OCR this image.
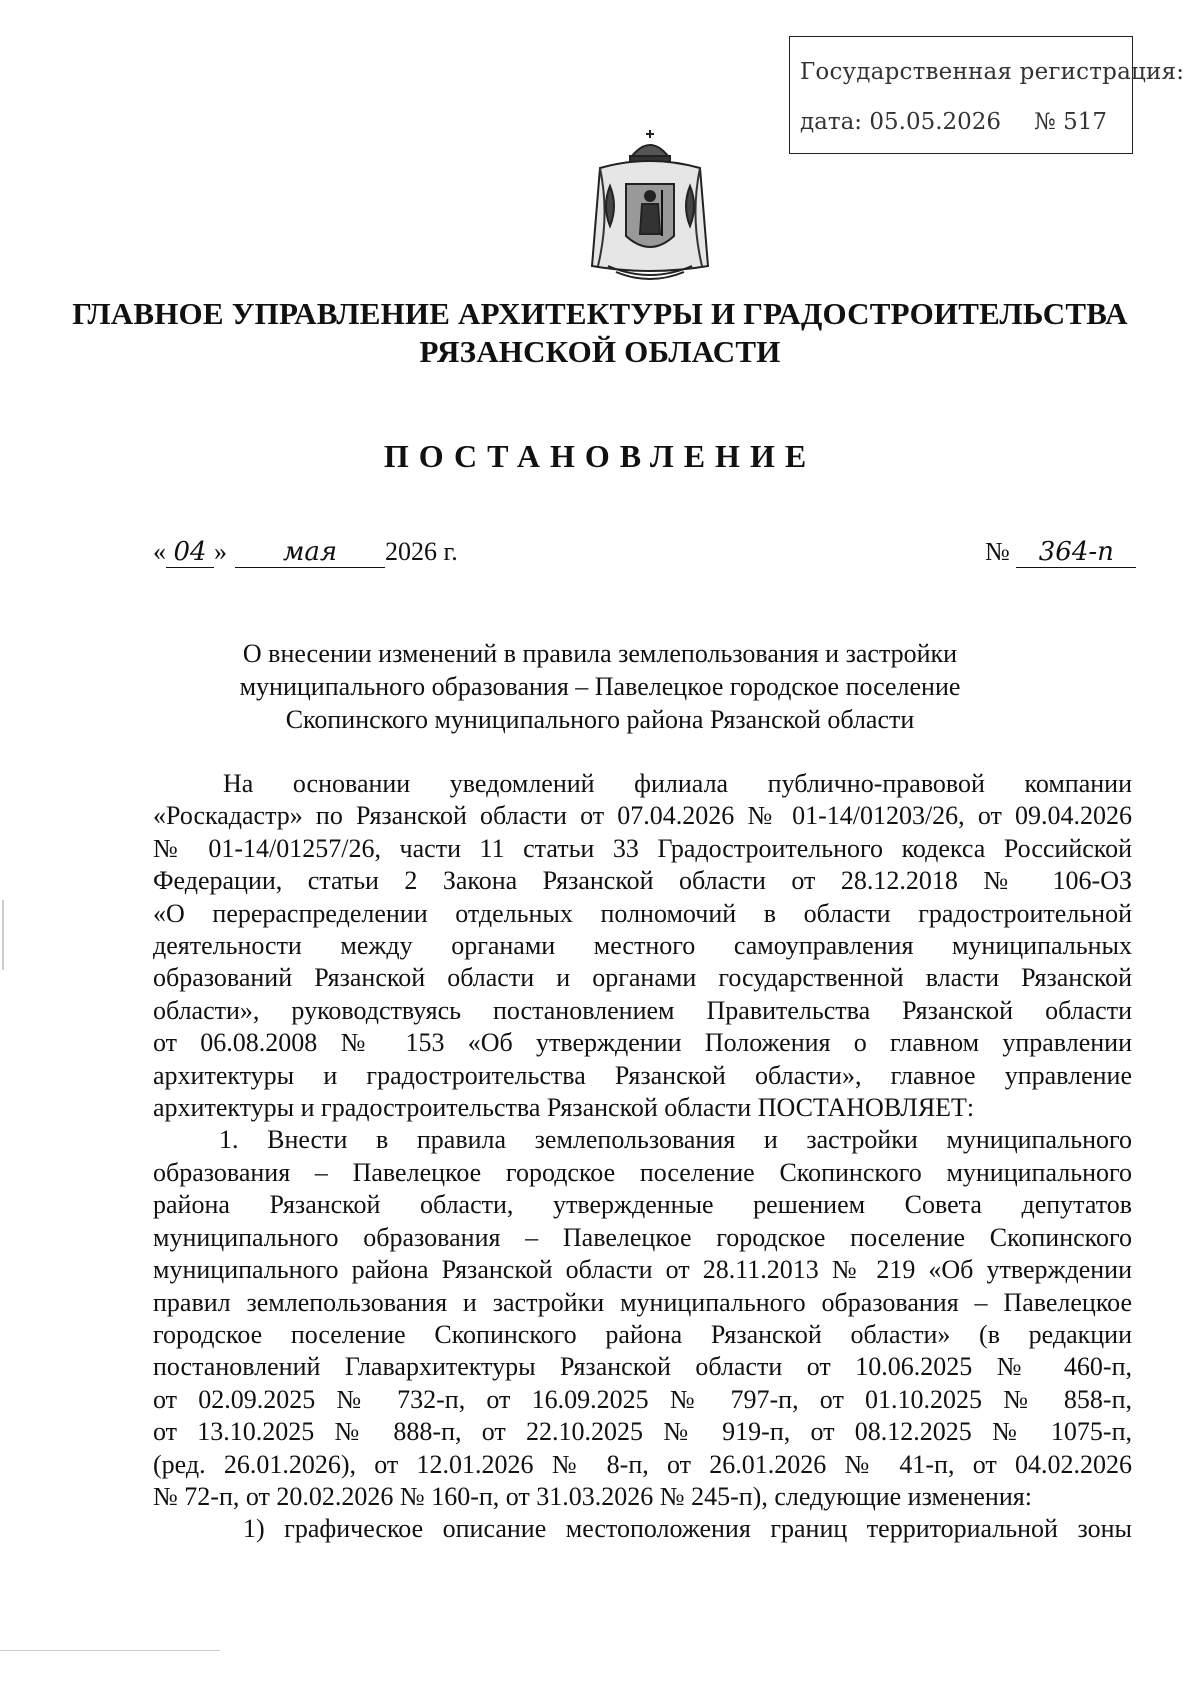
Государственная регистрация:
дата: 05.05.2026 № 517
ГЛАВНОЕ УПРАВЛЕНИЕ АРХИТЕКТУРЫ И ГРАДОСТРОИТЕЛЬСТВА
РЯЗАНСКОЙ ОБЛАСТИ
ПОСТАНОВЛЕНИЕ
« 04 » мая 2026 г.	№ 364-п
О внесении изменений в правила землепользования и застройки
муниципального образования – Павелецкое городское поселение
Скопинского муниципального района Рязанской области

На основании уведомлений филиала публично-правовой компании

«Роскадастр» по Рязанской области от 07.04.2026 № 01-14/01203/26, от 09.04.2026

№ 01-14/01257/26, части 11 статьи 33 Градостроительного кодекса Российской

Федерации, статьи 2 Закона Рязанской области от 28.12.2018 № 106-ОЗ

«О перераспределении отдельных полномочий в области градостроительной

деятельности между органами местного самоуправления муниципальных

образований Рязанской области и органами государственной власти Рязанской

области», руководствуясь постановлением Правительства Рязанской области

от 06.08.2008 № 153 «Об утверждении Положения о главном управлении

архитектуры и градостроительства Рязанской области», главное управление

архитектуры и градостроительства Рязанской области ПОСТАНОВЛЯЕТ:

1. Внести в правила землепользования и застройки муниципального

образования – Павелецкое городское поселение Скопинского муниципального

района Рязанской области, утвержденные решением Совета депутатов

муниципального образования – Павелецкое городское поселение Скопинского

муниципального района Рязанской области от 28.11.2013 № 219 «Об утверждении

правил землепользования и застройки муниципального образования – Павелецкое

городское поселение Скопинского района Рязанской области» (в редакции

постановлений Главархитектуры Рязанской области от 10.06.2025 № 460-п,

от 02.09.2025 № 732-п, от 16.09.2025 № 797-п, от 01.10.2025 № 858-п,

от 13.10.2025 № 888-п, от 22.10.2025 № 919-п, от 08.12.2025 № 1075-п,

(ред. 26.01.2026), от 12.01.2026 № 8-п, от 26.01.2026 № 41-п, от 04.02.2026

№ 72-п, от 20.02.2026 № 160-п, от 31.03.2026 № 245-п), следующие изменения:

1) графическое описание местоположения границ территориальной зоны
